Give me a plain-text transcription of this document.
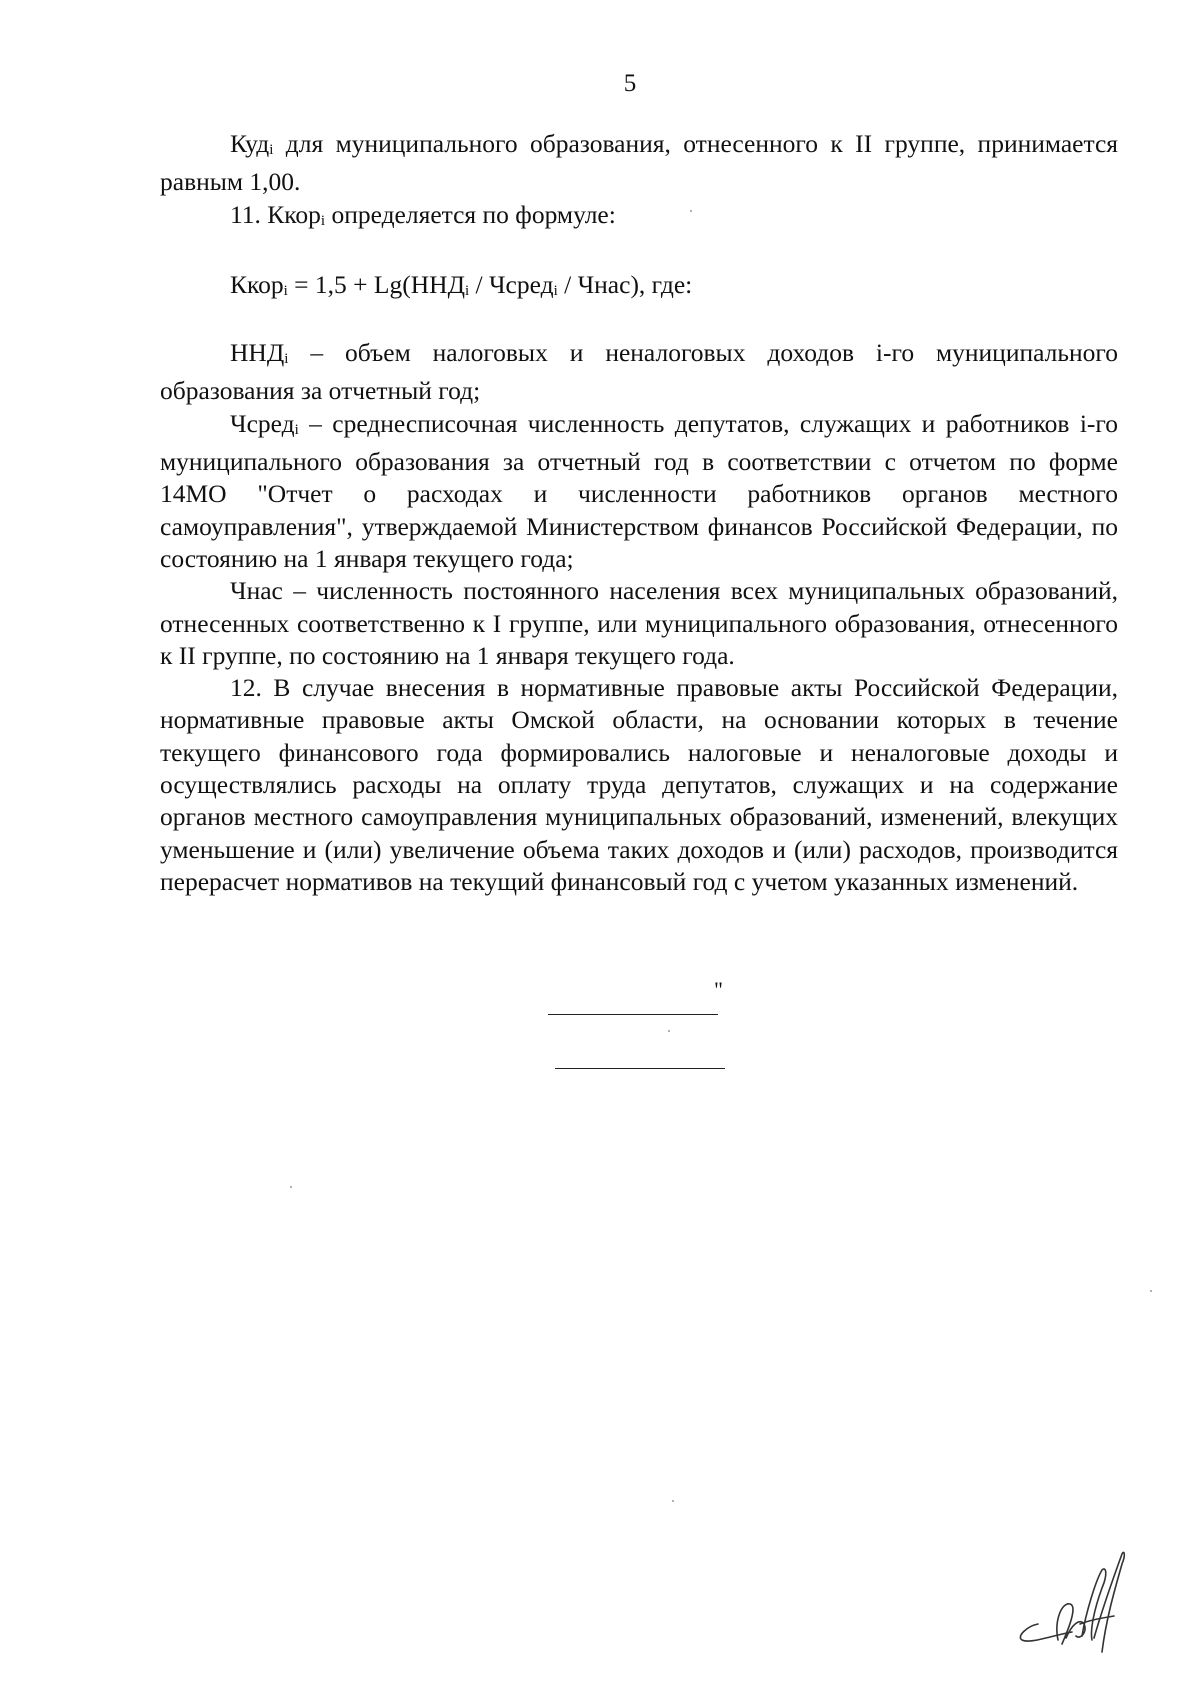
5

Куд$_i$ для муниципального образования, отнесенного к II группе, принимается равным 1,00.

11. Ккор$_i$ определяется по формуле:

Ккор$_i$ = $1,5 + Lg(ННД_i$ / Чсред$_i$ / Чнас), где:

$ННД_i$ – объем налоговых и неналоговых доходов i-го муниципального образования за отчетный год;

Чсред$_i$ – среднесписочная численность депутатов, служащих и работников i-го муниципального образования за отчетный год в соответствии с отчетом по форме 14МО "Отчет о расходах и численности работников органов местного самоуправления", утверждаемой Министерством финансов Российской Федерации, по состоянию на 1 января текущего года;

Чнас – численность постоянного населения всех муниципальных образований, отнесенных соответственно к I группе, или муниципального образования, отнесенного к II группе, по состоянию на 1 января текущего года.

12. В случае внесения в нормативные правовые акты Российской Федерации, нормативные правовые акты Омской области, на основании которых в течение текущего финансового года формировались налоговые и неналоговые доходы и осуществлялись расходы на оплату труда депутатов, служащих и на содержание органов местного самоуправления муниципальных образований, изменений, влекущих уменьшение и (или) увеличение объема таких доходов и (или) расходов, производится перерасчет нормативов на текущий финансовый год с учетом указанных изменений.

"
